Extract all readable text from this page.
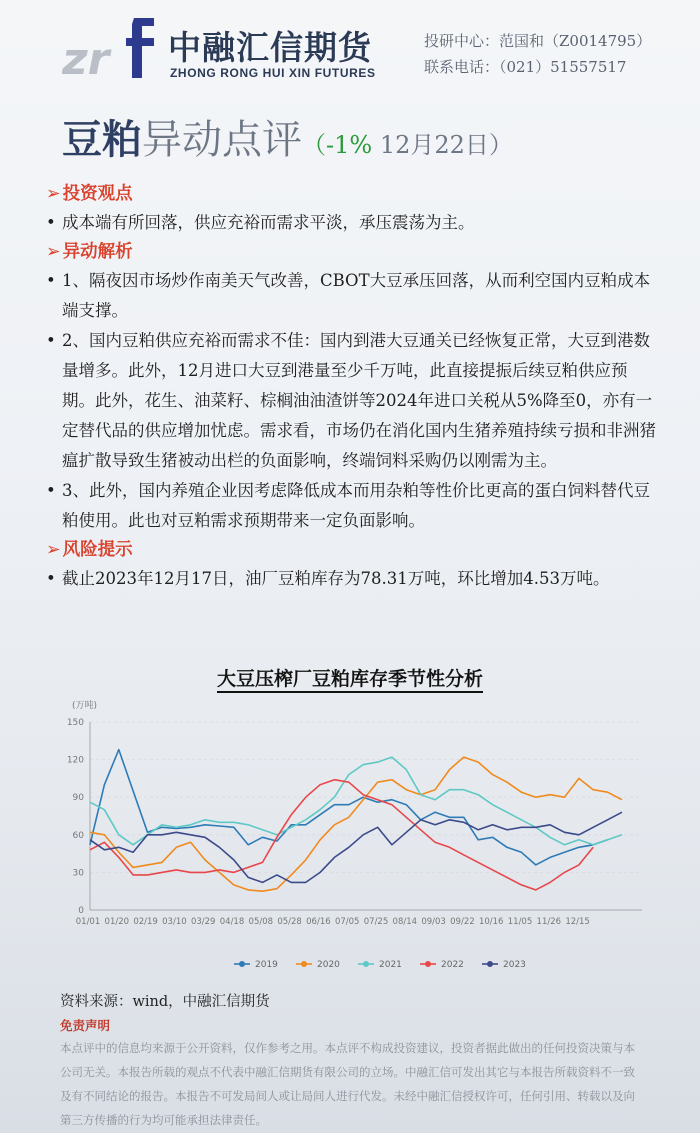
zr 中融汇信期货
ZHONG RONG HUI XIN FUTURES
投研中心：范国和（Z0014795）
联系电话：（021）51557517
豆粕异动点评（-1% 12月22日）
➢ 投资观点

• 成本端有所回落，供应充裕而需求平淡，承压震荡为主。

➢ 异动解析

• 1、隔夜因市场炒作南美天气改善，CBOT大豆承压回落，从而利空国内豆粕成本端支撑。

• 2、国内豆粕供应充裕而需求不佳：国内到港大豆通关已经恢复正常，大豆到港数量增多。此外，12月进口大豆到港量至少千万吨，此直接提振后续豆粕供应预期。此外，花生、油菜籽、棕榈油油渣饼等2024年进口关税从5%降至0，亦有一定替代品的供应增加忧虑。需求看，市场仍在消化国内生猪养殖持续亏损和非洲猪瘟扩散导致生猪被动出栏的负面影响，终端饲料采购仍以刚需为主。

• 3、此外，国内养殖企业因考虑降低成本而用杂粕等性价比更高的蛋白饲料替代豆粕使用。此也对豆粕需求预期带来一定负面影响。

➢ 风险提示

• 截止2023年12月17日，油厂豆粕库存为78.31万吨，环比增加4.53万吨。

大豆压榨厂豆粕库存季节性分析
(万吨)
0
30
60
90
120
150
01/01 01/20 02/19 03/10 03/29 04/18 05/08 05/28 06/16 07/05 07/25 08/14 09/03 09/22 10/16 11/05 11/26 12/15
2019	2020	2021	2022	2023
资料来源：wind，中融汇信期货
免责声明
本点评中的信息均来源于公开资料，仅作参考之用。本点评不构成投资建议，投资者据此做出的任何投资决策与本公司无关。本报告所载的观点不代表中融汇信期货有限公司的立场。中融汇信可发出其它与本报告所载资料不一致及有不同结论的报告。本报告不可发局间人或让局间人进行代发。未经中融汇信授权许可，任何引用、转载以及向第三方传播的行为均可能承担法律责任。
